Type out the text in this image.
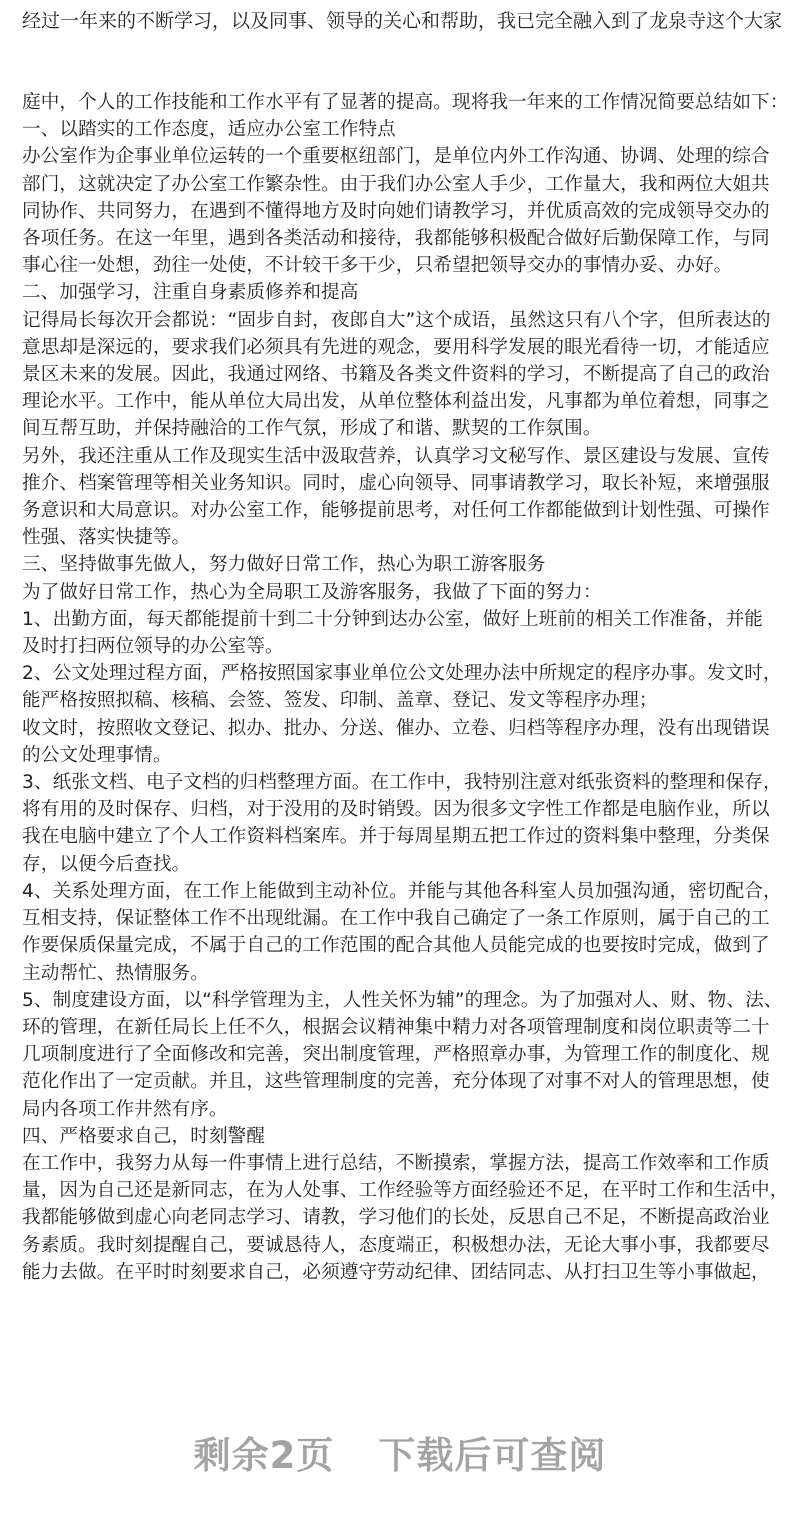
经过一年来的不断学习，以及同事、领导的关心和帮助，我已完全融入到了龙泉寺这个大家
庭中，个人的工作技能和工作水平有了显著的提高。现将我一年来的工作情况简要总结如下：
一、以踏实的工作态度，适应办公室工作特点
办公室作为企事业单位运转的一个重要枢纽部门，是单位内外工作沟通、协调、处理的综合
部门，这就决定了办公室工作繁杂性。由于我们办公室人手少，工作量大，我和两位大姐共
同协作、共同努力，在遇到不懂得地方及时向她们请教学习，并优质高效的完成领导交办的
各项任务。在这一年里，遇到各类活动和接待，我都能够积极配合做好后勤保障工作，与同
事心往一处想，劲往一处使，不计较干多干少，只希望把领导交办的事情办妥、办好。
二、加强学习，注重自身素质修养和提高
记得局长每次开会都说：“固步自封，夜郎自大”这个成语，虽然这只有八个字，但所表达的
意思却是深远的，要求我们必须具有先进的观念，要用科学发展的眼光看待一切，才能适应
景区未来的发展。因此，我通过网络、书籍及各类文件资料的学习，不断提高了自己的政治
理论水平。工作中，能从单位大局出发，从单位整体利益出发，凡事都为单位着想，同事之
间互帮互助，并保持融洽的工作气氛，形成了和谐、默契的工作氛围。
另外，我还注重从工作及现实生活中汲取营养，认真学习文秘写作、景区建设与发展、宣传
推介、档案管理等相关业务知识。同时，虚心向领导、同事请教学习，取长补短，来增强服
务意识和大局意识。对办公室工作，能够提前思考，对任何工作都能做到计划性强、可操作
性强、落实快捷等。
三、坚持做事先做人，努力做好日常工作，热心为职工游客服务
为了做好日常工作，热心为全局职工及游客服务，我做了下面的努力：
1、出勤方面，每天都能提前十到二十分钟到达办公室，做好上班前的相关工作准备，并能
及时打扫两位领导的办公室等。
2、公文处理过程方面，严格按照国家事业单位公文处理办法中所规定的程序办事。发文时，
能严格按照拟稿、核稿、会签、签发、印制、盖章、登记、发文等程序办理；
收文时，按照收文登记、拟办、批办、分送、催办、立卷、归档等程序办理，没有出现错误
的公文处理事情。
3、纸张文档、电子文档的归档整理方面。在工作中，我特别注意对纸张资料的整理和保存，
将有用的及时保存、归档，对于没用的及时销毁。因为很多文字性工作都是电脑作业，所以
我在电脑中建立了个人工作资料档案库。并于每周星期五把工作过的资料集中整理，分类保
存，以便今后查找。
4、关系处理方面，在工作上能做到主动补位。并能与其他各科室人员加强沟通，密切配合，
互相支持，保证整体工作不出现纰漏。在工作中我自己确定了一条工作原则，属于自己的工
作要保质保量完成，不属于自己的工作范围的配合其他人员能完成的也要按时完成，做到了
主动帮忙、热情服务。
5、制度建设方面，以“科学管理为主，人性关怀为辅”的理念。为了加强对人、财、物、法、
环的管理，在新任局长上任不久，根据会议精神集中精力对各项管理制度和岗位职责等二十
几项制度进行了全面修改和完善，突出制度管理，严格照章办事，为管理工作的制度化、规
范化作出了一定贡献。并且，这些管理制度的完善，充分体现了对事不对人的管理思想，使
局内各项工作井然有序。
四、严格要求自己，时刻警醒
在工作中，我努力从每一件事情上进行总结，不断摸索，掌握方法，提高工作效率和工作质
量，因为自己还是新同志，在为人处事、工作经验等方面经验还不足，在平时工作和生活中，
我都能够做到虚心向老同志学习、请教，学习他们的长处，反思自己不足，不断提高政治业
务素质。我时刻提醒自己，要诚恳待人，态度端正，积极想办法，无论大事小事，我都要尽
能力去做。在平时时刻要求自己，必须遵守劳动纪律、团结同志、从打扫卫生等小事做起，
剩余2页 下载后可查阅
